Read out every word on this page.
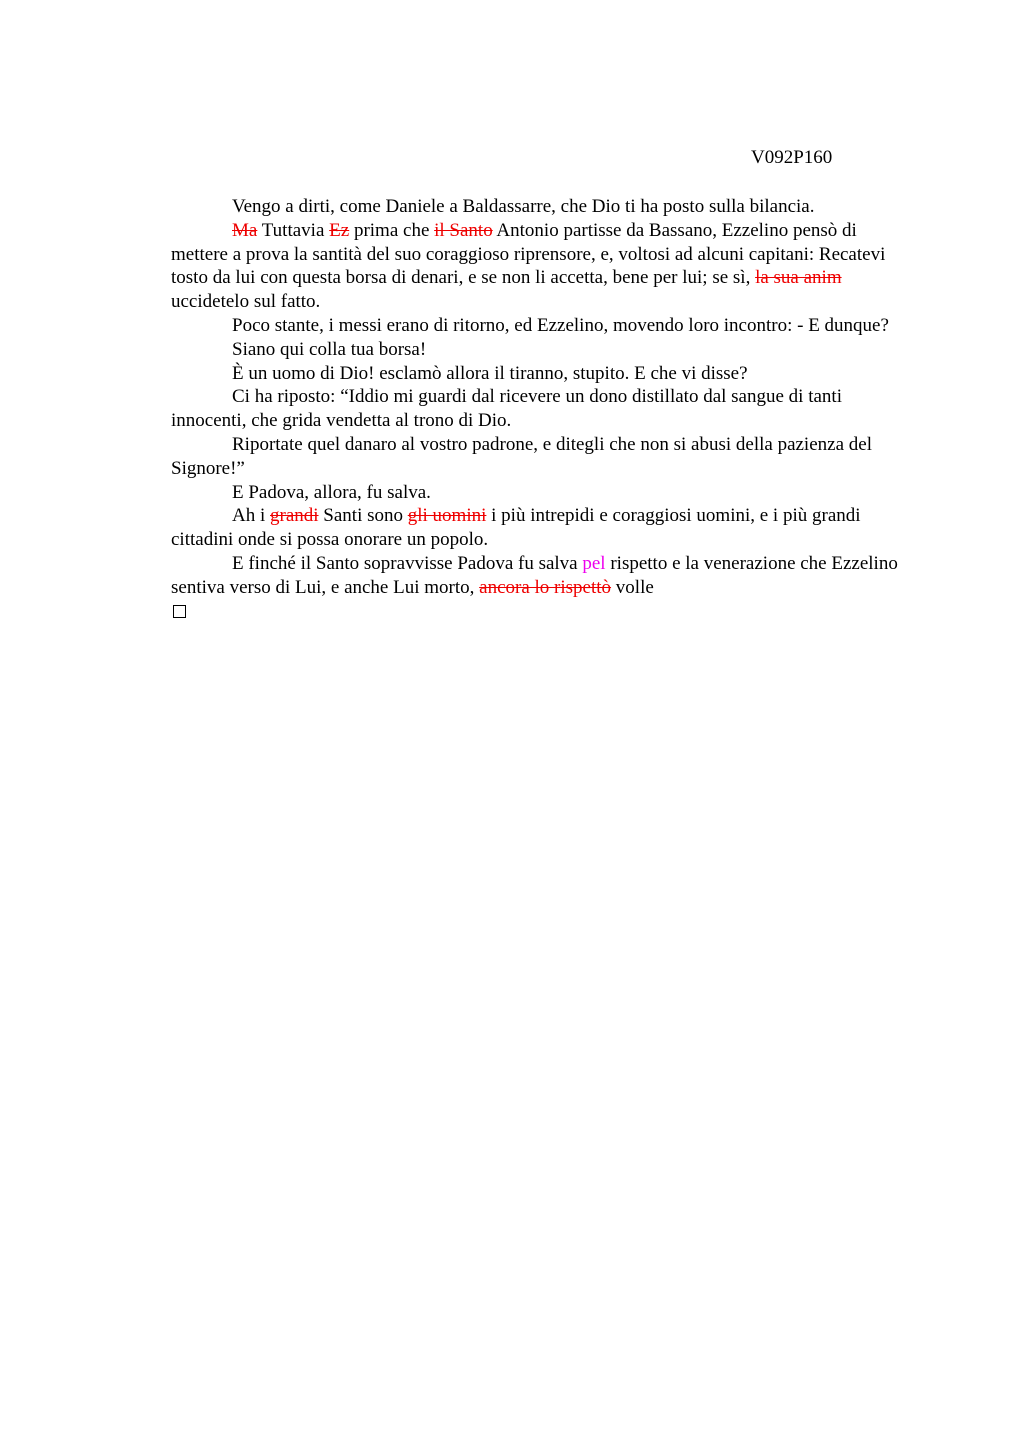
V092P160

Vengo a dirti, come Daniele a Baldassarre, che Dio ti ha posto sulla bilancia.

Ma Tuttavia Ez prima che il Santo Antonio partisse da Bassano, Ezzelino pensò di mettere a prova la santità del suo coraggioso riprensore, e, voltosi ad alcuni capitani: Recatevi tosto da lui con questa borsa di denari, e se non li accetta, bene per lui; se sì, la sua anim uccidetelo sul fatto.

Poco stante, i messi erano di ritorno, ed Ezzelino, movendo loro incontro: - E dunque?

Siano qui colla tua borsa!

È un uomo di Dio! esclamò allora il tiranno, stupito. E che vi disse?

Ci ha riposto: “Iddio mi guardi dal ricevere un dono distillato dal sangue di tanti innocenti, che grida vendetta al trono di Dio.

Riportate quel danaro al vostro padrone, e ditegli che non si abusi della pazienza del Signore!”

E Padova, allora, fu salva.

Ah i grandi Santi sono gli uomini i più intrepidi e coraggiosi uomini, e i più grandi cittadini onde si possa onorare un popolo.

E finché il Santo sopravvisse Padova fu salva pel rispetto e la venerazione che Ezzelino sentiva verso di Lui, e anche Lui morto, ancora lo rispettò volle
